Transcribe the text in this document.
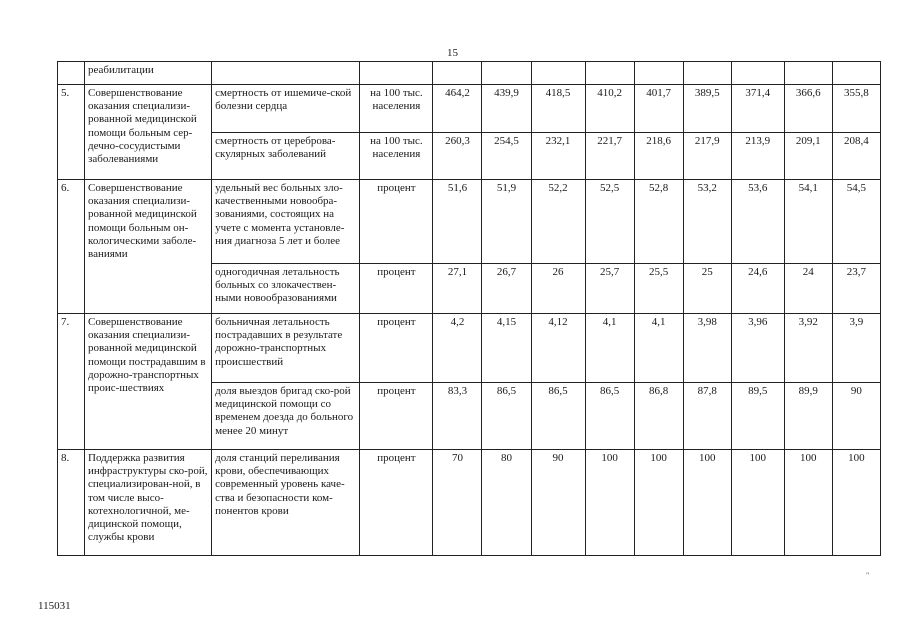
15
	реабилитации											
5.	Совершенствование оказания специализи-рованной медицинской помощи больным сер-дечно-сосудистыми заболеваниями	смертность от ишемиче-ской болезни сердца	на 100 тыс. населения	464,2	439,9	418,5	410,2	401,7	389,5	371,4	366,6	355,8
		смертность от цереброва-скулярных заболеваний	на 100 тыс. населения	260,3	254,5	232,1	221,7	218,6	217,9	213,9	209,1	208,4
6.	Совершенствование оказания специализи-рованной медицинской помощи больным он-кологическими заболе-ваниями	удельный вес больных зло-качественными новообра-зованиями, состоящих на учете с момента установле-ния диагноза 5 лет и более	процент	51,6	51,9	52,2	52,5	52,8	53,2	53,6	54,1	54,5
		одногодичная летальность больных со злокачествен-ными новообразованиями	процент	27,1	26,7	26	25,7	25,5	25	24,6	24	23,7
7.	Совершенствование оказания специализи-рованной медицинской помощи пострадавшим в дорожно-транспортных проис-шествиях	больничная летальность пострадавших в результате дорожно-транспортных происшествий	процент	4,2	4,15	4,12	4,1	4,1	3,98	3,96	3,92	3,9
		доля выездов бригад ско-рой медицинской помощи со временем доезда до больного менее 20 минут	процент	83,3	86,5	86,5	86,5	86,8	87,8	89,5	89,9	90
8.	Поддержка развития инфраструктуры ско-рой, специализирован-ной, в том числе высо-котехнологичной, ме-дицинской помощи, службы крови	доля станций переливания крови, обеспечивающих современный уровень каче-ства и безопасности ком-понентов крови	процент	70	80	90	100	100	100	100	100	100
115031
"
